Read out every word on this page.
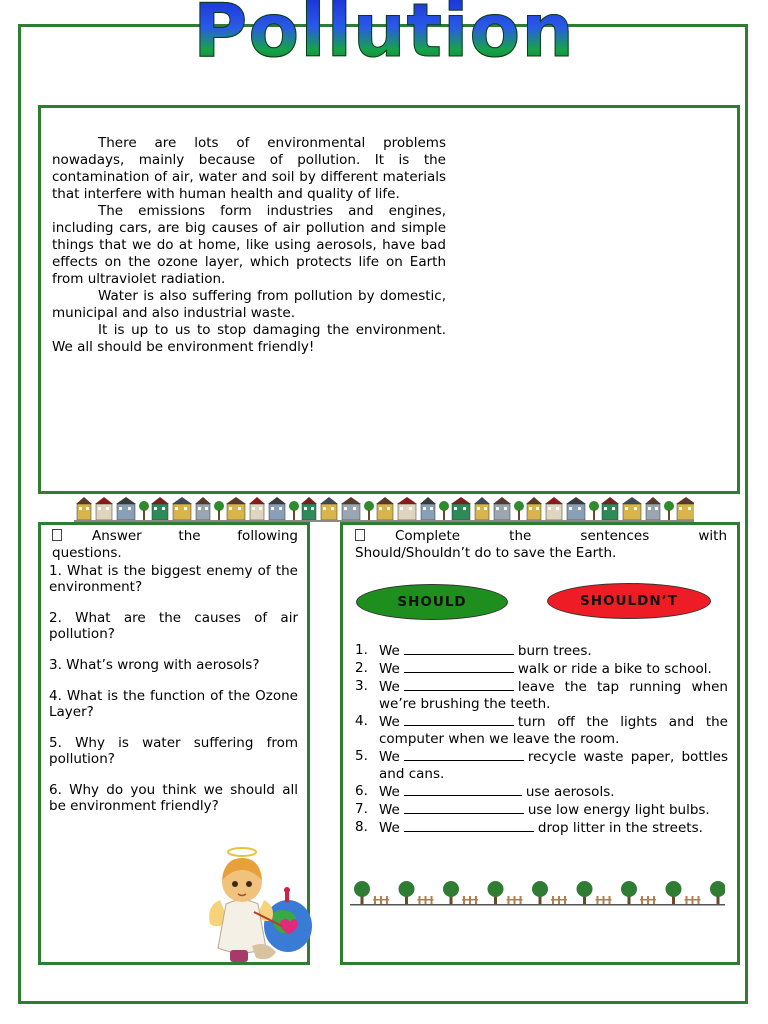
Pollution

There are lots of environmental problems nowadays, mainly because of pollution. It is the contamination of air, water and soil by different materials that interfere with human health and quality of life.

The emissions form industries and engines, including cars, are big causes of air pollution and simple things that we do at home, like using aerosols, have bad effects on the ozone layer, which protects life on Earth from ultraviolet radiation.

Water is also suffering from pollution by domestic, municipal and also industrial waste.

It is up to us to stop damaging the environment. We all should be environment friendly!

Answer the following
questions.

1. What is the biggest enemy of the environment?

2. What are the causes of air pollution?

3. What’s wrong with aerosols?

4. What is the function of the Ozone Layer?

5. Why is water suffering from pollution?

6. Why do you think we should all be environment friendly?

Complete the sentences with
Should/Shouldn’t do to save the Earth.
SHOULD	SHOULDN’T
1. We	burn trees.
2. We	walk or ride a bike to school.
3. We	leave the tap running when we’re brushing the teeth.
4. We	turn off the lights and the computer when we leave the room.
5. We	recycle waste paper, bottles and cans.
6. We	use aerosols.
7. We	use low energy light bulbs.
8. We	drop litter in the streets.
